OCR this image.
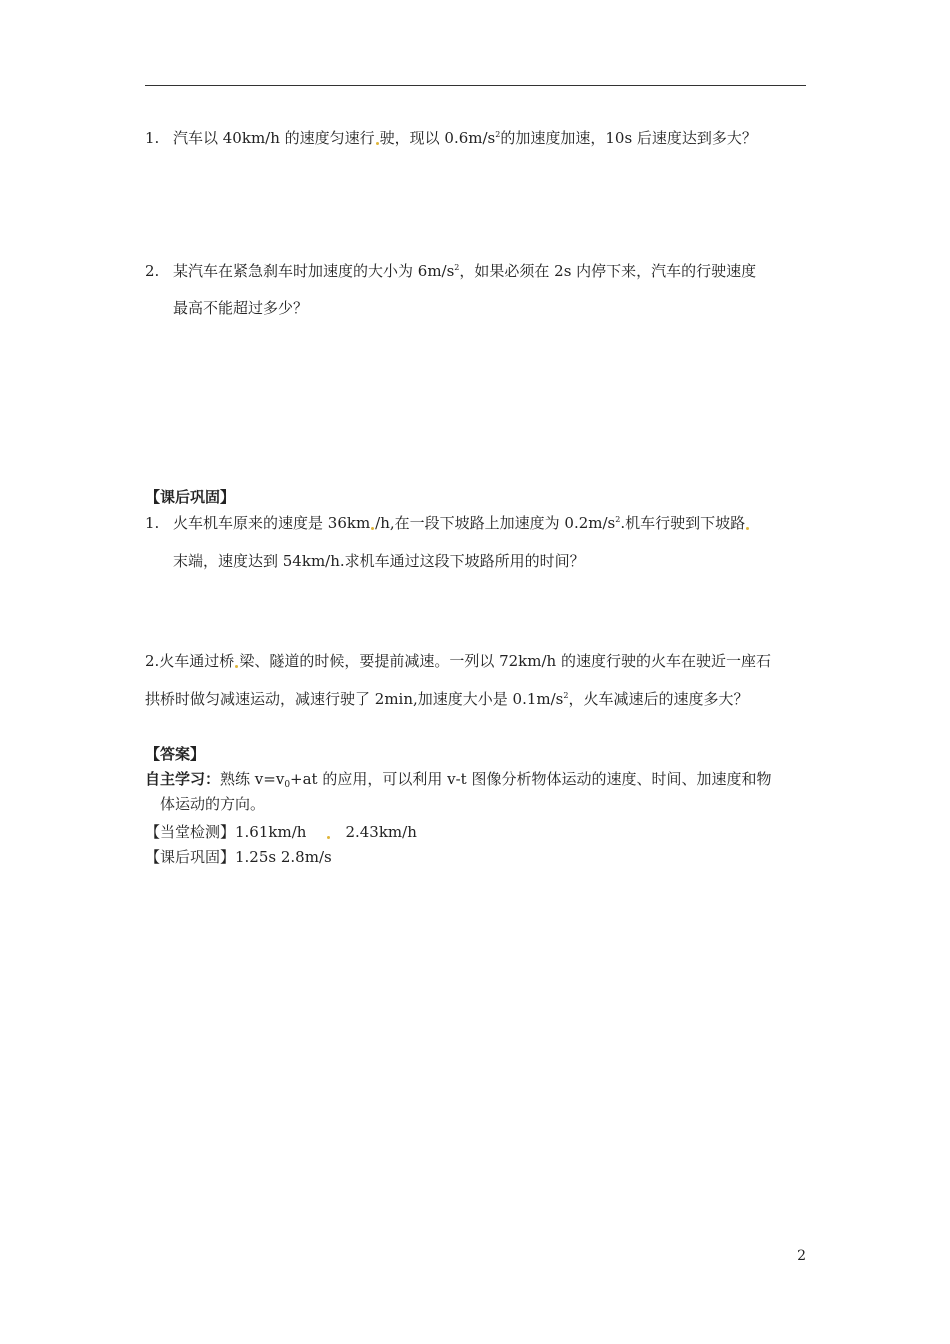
1. 汽车以 40km/h 的速度匀速行 驶，现以 $0.6m/s^2$的加速度加速，10s 后速度达到多大？
2. 某汽车在紧急刹车时加速度的大小为 $6m/s^2$，如果必须在 2s 内停下来，汽车的行驶速度
最高不能超过多少？
【课后巩固】
1. 火车机车原来的速度是 36km /h,在一段下坡路上加速度为 $0.2m/s^2$.机车行驶到下坡路
末端，速度达到 54km/h.求机车通过这段下坡路所用的时间？
2.火车通过桥 梁、隧道的时候，要提前减速。一列以 72km/h 的速度行驶的火车在驶近一座石
拱桥时做匀减速运动，减速行驶了 2min,加速度大小是 $0.1m/s^2$，火车减速后的速度多大？
【答案】
自主学习：熟练 $v=v_0+at$ 的应用，可以利用 v-t 图像分析物体运动的速度、时间、加速度和物
体运动的方向。
【当堂检测】1.61km/h	2.43km/h
【课后巩固】1.25s 2.8m/s
2
